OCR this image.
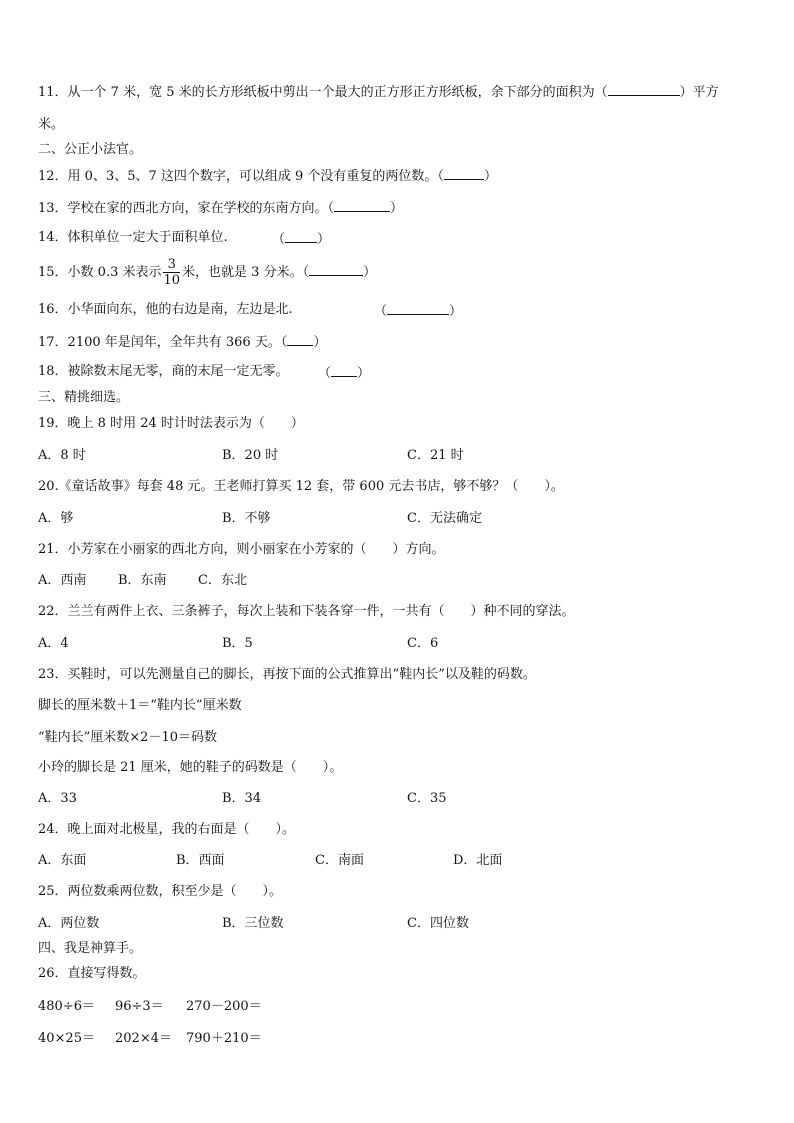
11．从一个 7 米，宽 5 米的长方形纸板中剪出一个最大的正方形正方形纸板，余下部分的面积为（	）平方
米。
二、公正小法官。
12．用 0、3、5、7 这四个数字，可以组成 9 个没有重复的两位数。（	）
13．学校在家的西北方向，家在学校的东南方向。（	）
14．体积单位一定大于面积单位.	（ ）
15．小数 0.3 米表示 $\frac{3}{10}$ 米，也就是 3 分米。（	）
16．小华面向东，他的右边是南，左边是北.	（	）
17．2100 年是闰年，全年共有 366 天。（ ）
18．被除数末尾无零，商的末尾一定无零。 （ ）
三、精挑细选。
19．晚上 8 时用 24 时计时法表示为（　　）
A．8 时	B．20 时	C．21 时
20.《童话故事》每套 48 元。王老师打算买 12 套，带 600 元去书店，够不够？（　　）。
A．够	B．不够	C．无法确定
21．小芳家在小丽家的西北方向，则小丽家在小芳家的（　　）方向。
A．西南 B．东南 C．东北
22．兰兰有两件上衣、三条裤子，每次上装和下装各穿一件，一共有（　　）种不同的穿法。
A．4	B．5	C．6
23．买鞋时，可以先测量自己的脚长，再按下面的公式推算出“鞋内长”以及鞋的码数。
脚长的厘米数＋1＝“鞋内长”厘米数
“鞋内长”厘米数×2－10＝码数
小玲的脚长是 21 厘米，她的鞋子的码数是（　　）。
A．33	B．34	C．35
24．晚上面对北极星，我的右面是（　　）。
A．东面	B．西面	C．南面	D．北面
25．两位数乘两位数，积至少是（　　）。
A．两位数	B．三位数	C．四位数
四、我是神算手。
26．直接写得数。
480÷6＝ 96÷3＝ 270－200＝
40×25＝ 202×4＝ 790＋210＝
